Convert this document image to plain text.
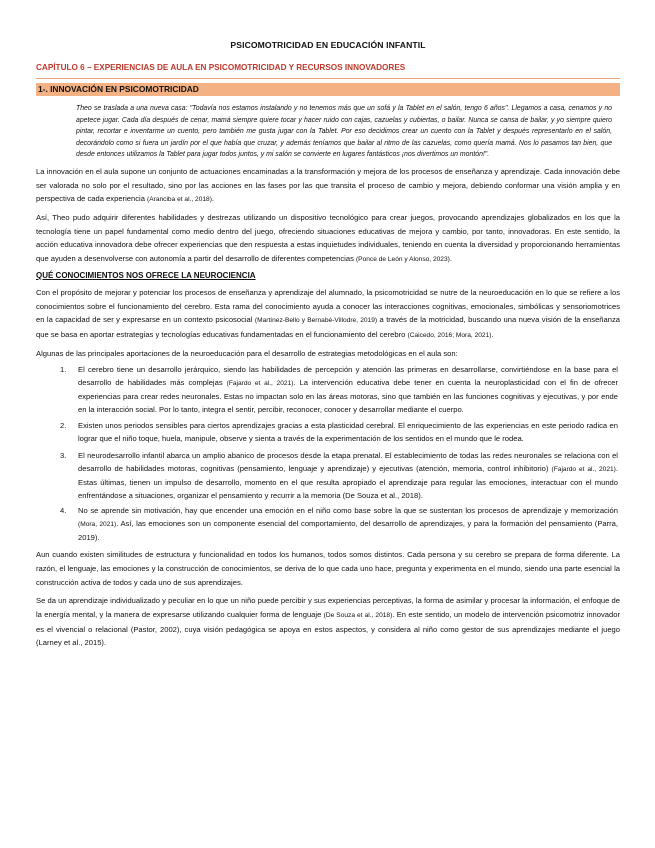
PSICOMOTRICIDAD EN EDUCACIÓN INFANTIL
CAPÍTULO 6 – EXPERIENCIAS DE AULA EN PSICOMOTRICIDAD Y RECURSOS INNOVADORES
1-. INNOVACIÓN EN PSICOMOTRICIDAD
Theo se traslada a una nueva casa: "Todavía nos estamos instalando y no tenemos más que un sofá y la Tablet en el salón, tengo 6 años". Llegamos a casa, cenamos y no apetece jugar. Cada día después de cenar, mamá siempre quiere tocar y hacer ruido con cajas, cazuelas y cubiertas, o bailar. Nunca se cansa de bailar, y yo siempre quiero pintar, recortar e inventarme un cuento, pero también me gusta jugar con la Tablet. Por eso decidimos crear un cuento con la Tablet y después representarlo en el salón, decorándolo como si fuera un jardín por el que había que cruzar, y además teníamos que bailar al ritmo de las cazuelas, como quería mamá. Nos lo pasamos tan bien, que desde entonces utilizamos la Tablet para jugar todos juntos, y mi salón se convierte en lugares fantásticos ¡nos divertimos un montón!".

La innovación en el aula supone un conjunto de actuaciones encaminadas a la transformación y mejora de los procesos de enseñanza y aprendizaje. Cada innovación debe ser valorada no solo por el resultado, sino por las acciones en las fases por las que transita el proceso de cambio y mejora, debiendo conformar una visión amplia y en perspectiva de cada experiencia (Aranciba et al., 2018).

Así, Theo pudo adquirir diferentes habilidades y destrezas utilizando un dispositivo tecnológico para crear juegos, provocando aprendizajes globalizados en los que la tecnología tiene un papel fundamental como medio dentro del juego, ofreciendo situaciones educativas de mejora y cambio, por tanto, innovadoras. En este sentido, la acción educativa innovadora debe ofrecer experiencias que den respuesta a estas inquietudes individuales, teniendo en cuenta la diversidad y proporcionando herramientas que ayuden a desenvolverse con autonomía a partir del desarrollo de diferentes competencias (Ponce de León y Alonso, 2023).

QUÉ CONOCIMIENTOS NOS OFRECE LA NEUROCIENCIA

Con el propósito de mejorar y potenciar los procesos de enseñanza y aprendizaje del alumnado, la psicomotricidad se nutre de la neuroeducación en lo que se refiere a los conocimientos sobre el funcionamiento del cerebro. Esta rama del conocimiento ayuda a conocer las interacciones cognitivas, emocionales, simbólicas y sensoriomotrices en la capacidad de ser y expresarse en un contexto psicosocial (Martínez-Bello y Bernabé-Villodre, 2019) a través de la motricidad, buscando una nueva visión de la enseñanza que se basa en aportar estrategias y tecnologías educativas fundamentadas en el funcionamiento del cerebro (Caicedo, 2016; Mora, 2021).

Algunas de las principales aportaciones de la neuroeducación para el desarrollo de estrategias metodológicas en el aula son:

1. El cerebro tiene un desarrollo jerárquico, siendo las habilidades de percepción y atención las primeras en desarrollarse, convirtiéndose en la base para el desarrollo de habilidades más complejas (Fajardo et al., 2021). La intervención educativa debe tener en cuenta la neuroplasticidad con el fin de ofrecer experiencias para crear redes neuronales. Estas no impactan solo en las áreas motoras, sino que también en las funciones cognitivas y ejecutivas, y por ende en la interacción social. Por lo tanto, integra el sentir, percibir, reconocer, conocer y desarrollar mediante el cuerpo.
2. Existen unos periodos sensibles para ciertos aprendizajes gracias a esta plasticidad cerebral. El enriquecimiento de las experiencias en este periodo radica en lograr que el niño toque, huela, manipule, observe y sienta a través de la experimentación de los sentidos en el mundo que le rodea.
3. El neurodesarrollo infantil abarca un amplio abanico de procesos desde la etapa prenatal. El establecimiento de todas las redes neuronales se relaciona con el desarrollo de habilidades motoras, cognitivas (pensamiento, lenguaje y aprendizaje) y ejecutivas (atención, memoria, control inhibitorio) (Fajardo et al., 2021). Estas últimas, tienen un impulso de desarrollo, momento en el que resulta apropiado el aprendizaje para regular las emociones, interactuar con el mundo enfrentándose a situaciones, organizar el pensamiento y recurrir a la memoria (De Souza et al., 2018).
4. No se aprende sin motivación, hay que encender una emoción en el niño como base sobre la que se sustentan los procesos de aprendizaje y memorización (Mora, 2021). Así, las emociones son un componente esencial del comportamiento, del desarrollo de aprendizajes, y para la formación del pensamiento (Parra, 2019).

Aun cuando existen similitudes de estructura y funcionalidad en todos los humanos, todos somos distintos. Cada persona y su cerebro se prepara de forma diferente. La razón, el lenguaje, las emociones y la construcción de conocimientos, se deriva de lo que cada uno hace, pregunta y experimenta en el mundo, siendo una parte esencial la construcción activa de todos y cada uno de sus aprendizajes.

Se da un aprendizaje individualizado y peculiar en lo que un niño puede percibir y sus experiencias perceptivas, la forma de asimilar y procesar la información, el enfoque de la energía mental, y la manera de expresarse utilizando cualquier forma de lenguaje (De Souza et al., 2018). En este sentido, un modelo de intervención psicomotriz innovador es el vivencial o relacional (Pastor, 2002), cuya visión pedagógica se apoya en estos aspectos, y considera al niño como gestor de sus aprendizajes mediante el juego (Larney et al., 2015).
